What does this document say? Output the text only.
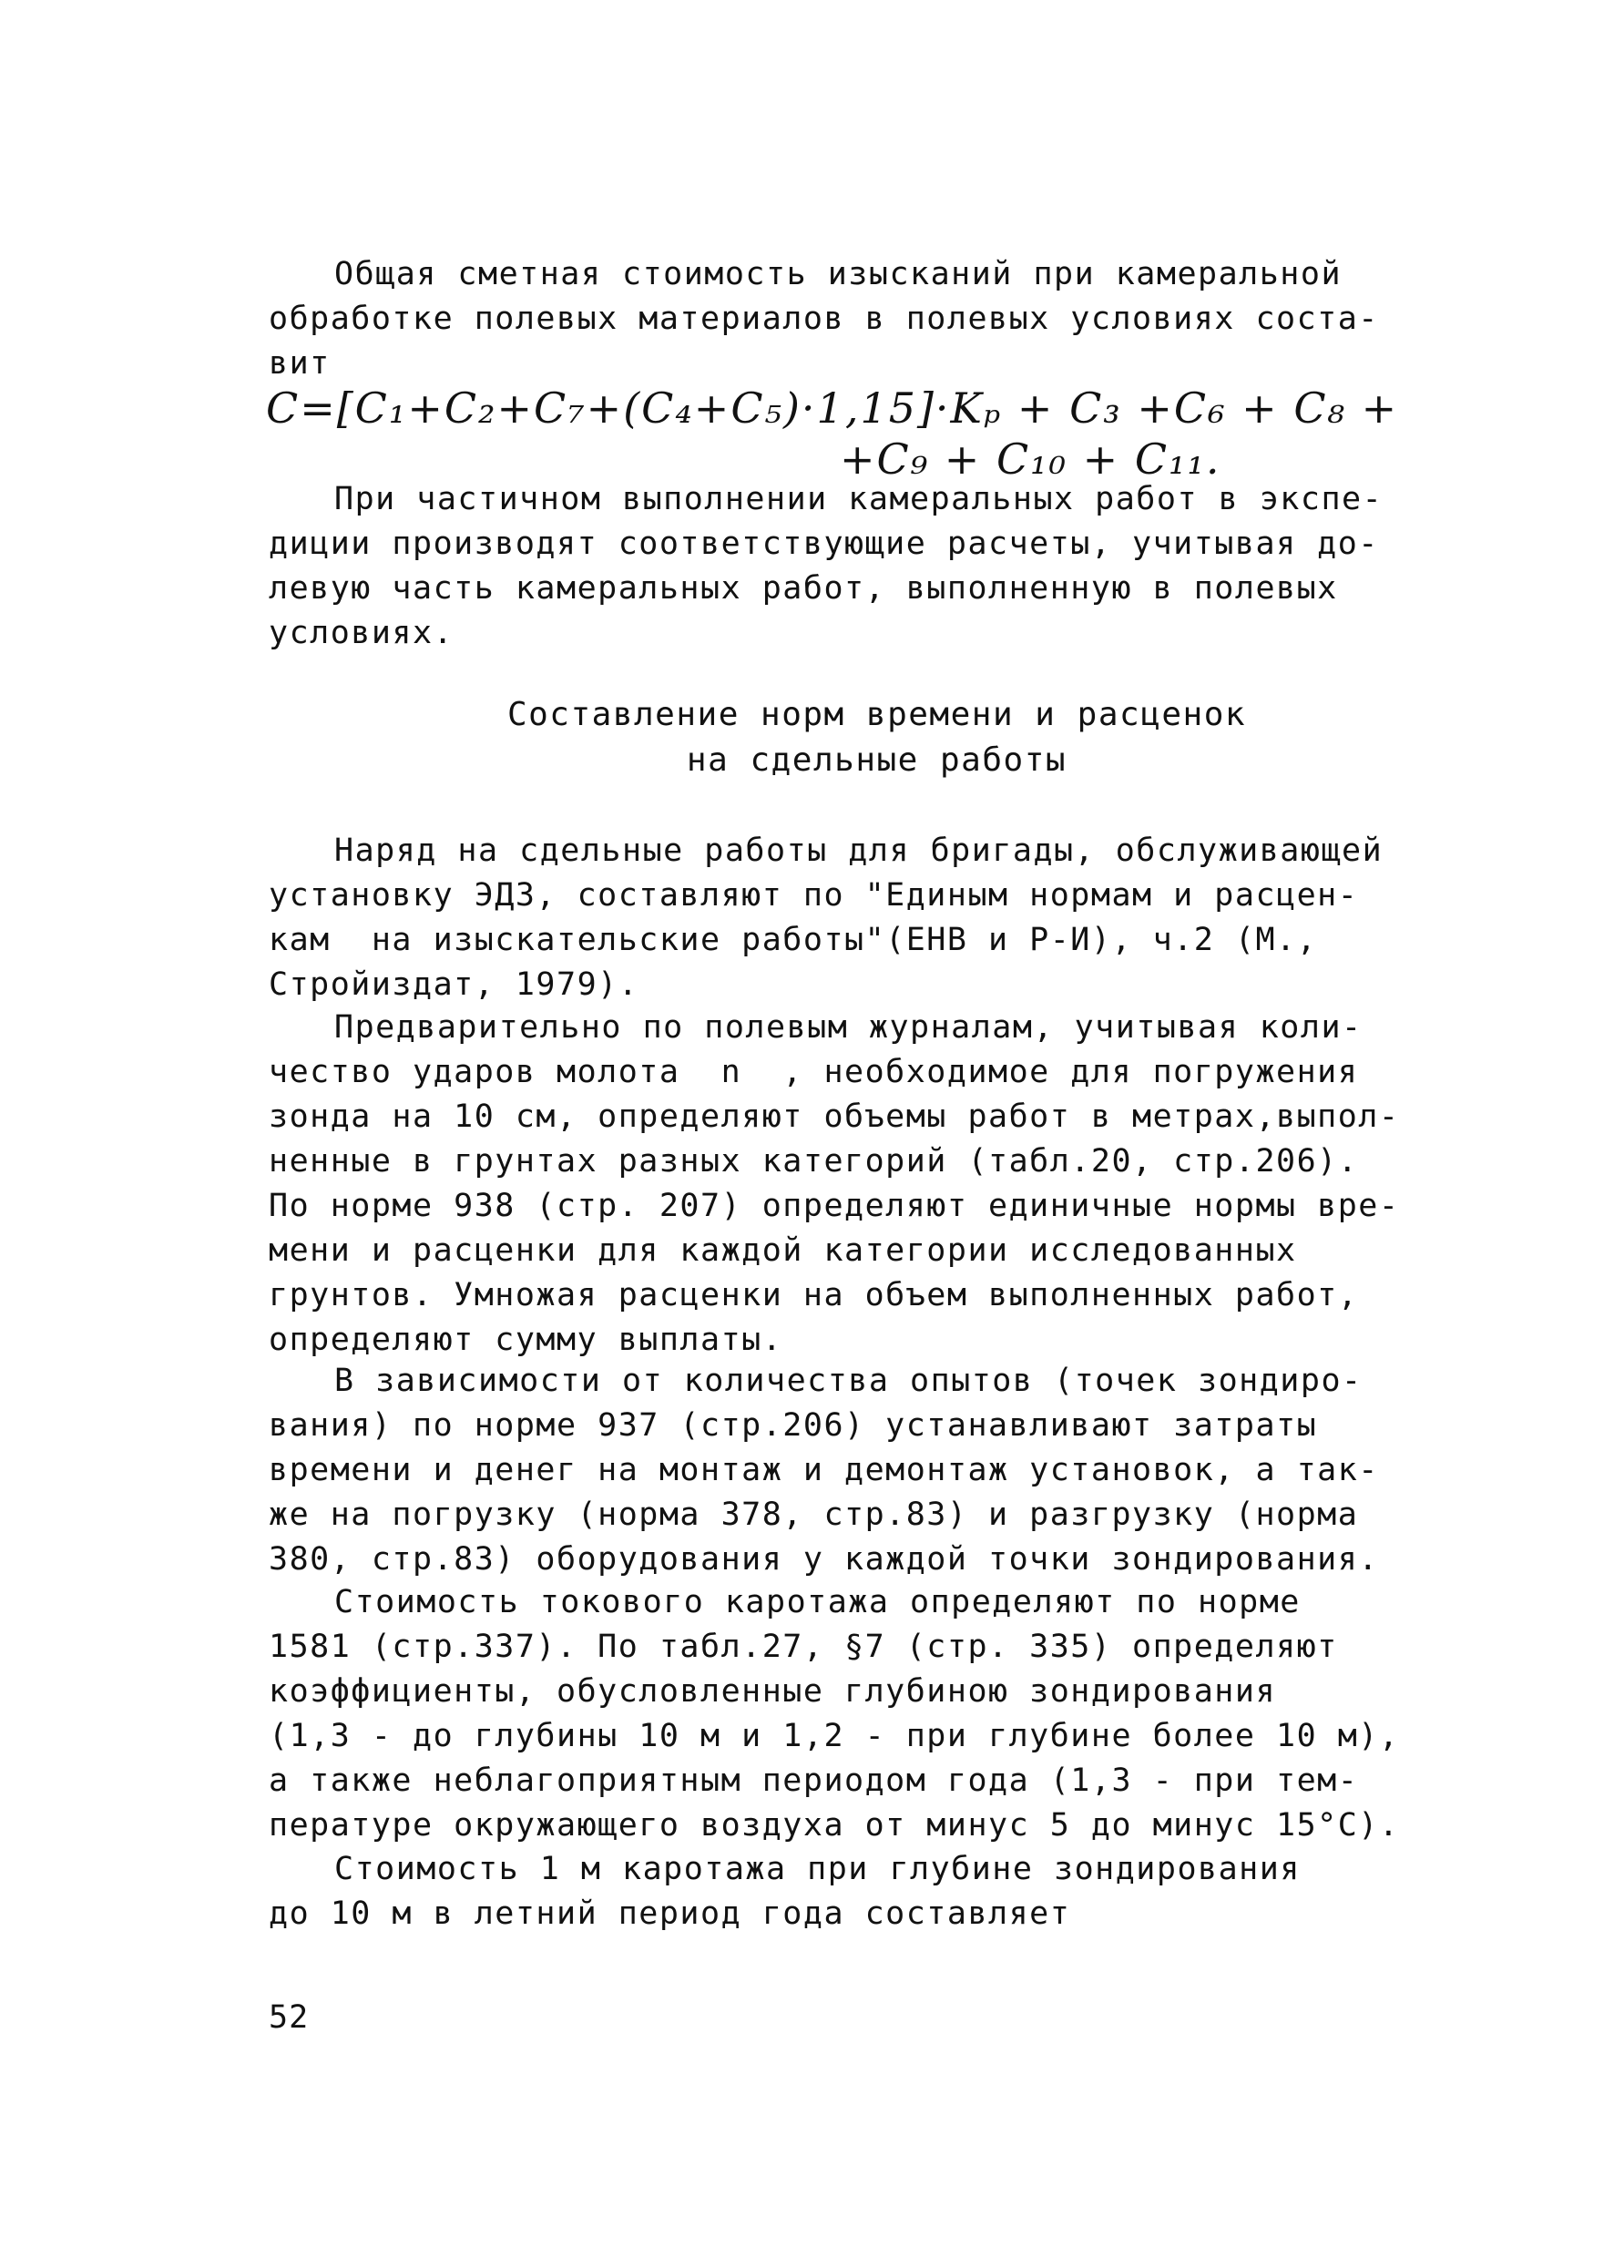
Общая сметная стоимость изысканий при камеральной
обработке полевых материалов в полевых условиях соста-
вит
C=[C₁+C₂+C₇+(C₄+C₅)·1,15]·Kₚ + C₃ +C₆ + C₈ +
+C₉ + C₁₀ + C₁₁.
При частичном выполнении камеральных работ в экспе-
диции производят соответствующие расчеты, учитывая до-
левую часть камеральных работ, выполненную в полевых
условиях.
Составление норм времени и расценок
на сдельные работы
Наряд на сдельные работы для бригады, обслуживающей
установку ЭДЗ, составляют по "Единым нормам и расцен-
кам  на изыскательские работы"(ЕНВ и Р-И), ч.2 (М.,
Стройиздат, 1979).
Предварительно по полевым журналам, учитывая коли-
чество ударов молота  n  , необходимое для погружения
зонда на 10 см, определяют объемы работ в метрах,выпол-
ненные в грунтах разных категорий (табл.20, стр.206).
По норме 938 (стр. 207) определяют единичные нормы вре-
мени и расценки для каждой категории исследованных
грунтов. Умножая расценки на объем выполненных работ,
определяют сумму выплаты.
В зависимости от количества опытов (точек зондиро-
вания) по норме 937 (стр.206) устанавливают затраты
времени и денег на монтаж и демонтаж установок, а так-
же на погрузку (норма 378, стр.83) и разгрузку (норма
380, стр.83) оборудования у каждой точки зондирования.
Стоимость токового каротажа определяют по норме
1581 (стр.337). По табл.27, §7 (стр. 335) определяют
коэффициенты, обусловленные глубиною зондирования
(1,3 - до глубины 10 м и 1,2 - при глубине более 10 м),
а также неблагоприятным периодом года (1,3 - при тем-
пературе окружающего воздуха от минус 5 до минус 15°С).
Стоимость 1 м каротажа при глубине зондирования
до 10 м в летний период года составляет
52
